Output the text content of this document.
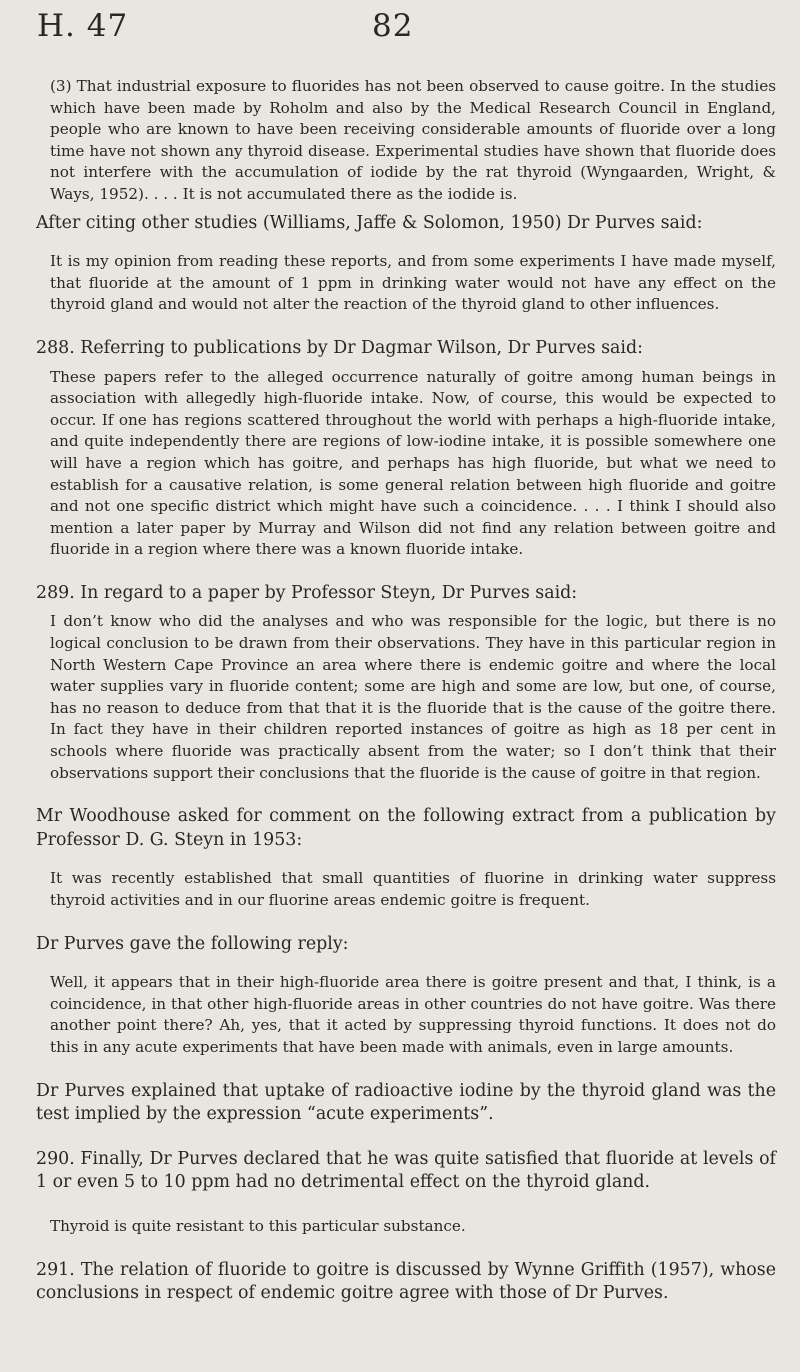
H. 47	82

(3) That industrial exposure to fluorides has not been observed to cause goitre. In the studies which have been made by Roholm and also by the Medical Research Council in England, people who are known to have been receiving considerable amounts of fluoride over a long time have not shown any thyroid disease. Experimental studies have shown that fluoride does not interfere with the accumulation of iodide by the rat thyroid (Wyngaarden, Wright, & Ways, 1952). . . . It is not accumulated there as the iodide is.

After citing other studies (Williams, Jaffe & Solomon, 1950) Dr Purves said:

It is my opinion from reading these reports, and from some experiments I have made myself, that fluoride at the amount of 1 ppm in drinking water would not have any effect on the thyroid gland and would not alter the reaction of the thyroid gland to other influences.

288. Referring to publications by Dr Dagmar Wilson, Dr Purves said:

These papers refer to the alleged occurrence naturally of goitre among human beings in association with allegedly high-fluoride intake. Now, of course, this would be expected to occur. If one has regions scattered throughout the world with perhaps a high-fluoride intake, and quite independently there are regions of low-iodine intake, it is possible somewhere one will have a region which has goitre, and perhaps has high fluoride, but what we need to establish for a causative relation, is some general relation between high fluoride and goitre and not one specific district which might have such a coincidence. . . . I think I should also mention a later paper by Murray and Wilson did not find any relation between goitre and fluoride in a region where there was a known fluoride intake.

289. In regard to a paper by Professor Steyn, Dr Purves said:

I don’t know who did the analyses and who was responsible for the logic, but there is no logical conclusion to be drawn from their observations. They have in this particular region in North Western Cape Province an area where there is endemic goitre and where the local water supplies vary in fluoride content; some are high and some are low, but one, of course, has no reason to deduce from that that it is the fluoride that is the cause of the goitre there. In fact they have in their children reported instances of goitre as high as 18 per cent in schools where fluoride was practically absent from the water; so I don’t think that their observations support their conclusions that the fluoride is the cause of goitre in that region.

Mr Woodhouse asked for comment on the following extract from a publication by Professor D. G. Steyn in 1953:

It was recently established that small quantities of fluorine in drinking water suppress thyroid activities and in our fluorine areas endemic goitre is frequent.

Dr Purves gave the following reply:

Well, it appears that in their high-fluoride area there is goitre present and that, I think, is a coincidence, in that other high-fluoride areas in other countries do not have goitre. Was there another point there? Ah, yes, that it acted by suppressing thyroid functions. It does not do this in any acute experiments that have been made with animals, even in large amounts.

Dr Purves explained that uptake of radioactive iodine by the thyroid gland was the test implied by the expression “acute experiments”.

290. Finally, Dr Purves declared that he was quite satisfied that fluoride at levels of 1 or even 5 to 10 ppm had no detrimental effect on the thyroid gland.

Thyroid is quite resistant to this particular substance.

291. The relation of fluoride to goitre is discussed by Wynne Griffith (1957), whose conclusions in respect of endemic goitre agree with those of Dr Purves.
